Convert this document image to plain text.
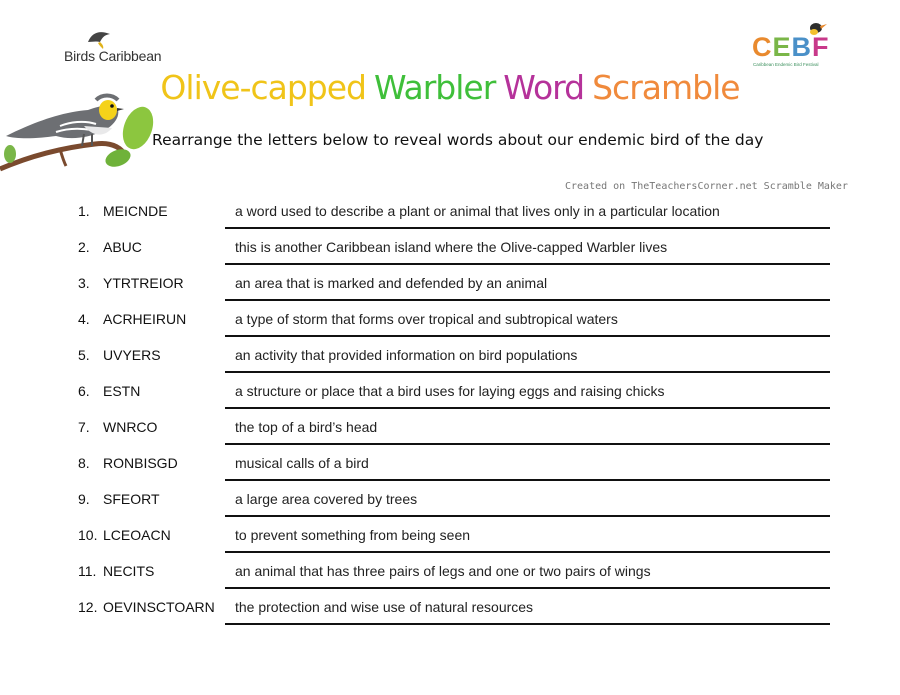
Birds Caribbean	CEBF
Caribbean Endemic Bird Festival
Olive-capped Warbler Word Scramble
Rearrange the letters below to reveal words about our endemic bird of the day
Created on TheTeachersCorner.net Scramble Maker
1. MEICNDE	a word used to describe a plant or animal that lives only in a particular location
2. ABUC	this is another Caribbean island where the Olive-capped Warbler lives
3. YTRTREIOR	an area that is marked and defended by an animal
4. ACRHEIRUN	a type of storm that forms over tropical and subtropical waters
5. UVYERS	an activity that provided information on bird populations
6. ESTN	a structure or place that a bird uses for laying eggs and raising chicks
7. WNRCO	the top of a bird’s head
8. RONBISGD	musical calls of a bird
9. SFEORT	a large area covered by trees
10. LCEOACN	to prevent something from being seen
11. NECITS	an animal that has three pairs of legs and one or two pairs of wings
12. OEVINSCTOARN the protection and wise use of natural resources
